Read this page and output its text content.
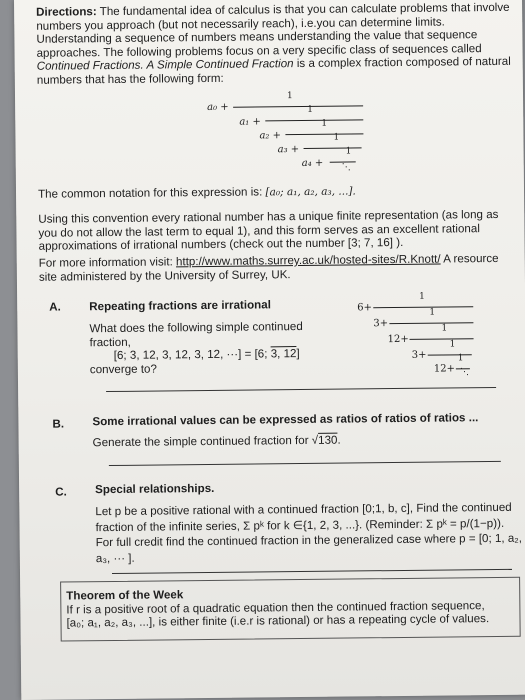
Directions: The fundamental idea of calculus is that you can calculate problems that involve
numbers you approach (but not necessarily reach), i.e.you can determine limits.
Understanding a sequence of numbers means understanding the value that sequence
approaches. The following problems focus on a very specific class of sequences called
Continued Fractions. A Simple Continued Fraction is a complex fraction composed of natural
numbers that has the following form:
1
a₀ +	1
a₁ +	1
a₂ +	1
a₃ +	1
a₄ + ⋱
The common notation for this expression is: [a₀; a₁, a₂, a₃, ...].
Using this convention every rational number has a unique finite representation (as long as
you do not allow the last term to equal 1), and this form serves as an excellent rational
approximations of irrational numbers (check out the number [3; 7, 16] ).
For more information visit: http://www.maths.surrey.ac.uk/hosted-sites/R.Knott/ A resource
site administered by the University of Surrey, UK.
A. Repeating fractions are irrational
What does the following simple continued
fraction,
[6; 3, 12, 3, 12, 3, 12, ···] = [6; 3, 12]
converge to?
1
6+	1
3+	1
12+	1
3+	1
12+ ⋱
B. Some irrational values can be expressed as ratios of ratios of ratios ...
Generate the simple continued fraction for √130.
C. Special relationships.
Let p be a positive rational with a continued fraction [0;1, b, c], Find the continued
fraction of the infinite series, Σ pᵏ for k ∈{1, 2, 3, ...}. (Reminder: Σ pᵏ = p/(1−p)).
For full credit find the continued fraction in the generalized case where p = [0; 1, a₂,
a₃, ··· ].
Theorem of the Week
If r is a positive root of a quadratic equation then the continued fraction sequence,
[a₀; a₁, a₂, a₃, ...], is either finite (i.e.r is rational) or has a repeating cycle of values.
